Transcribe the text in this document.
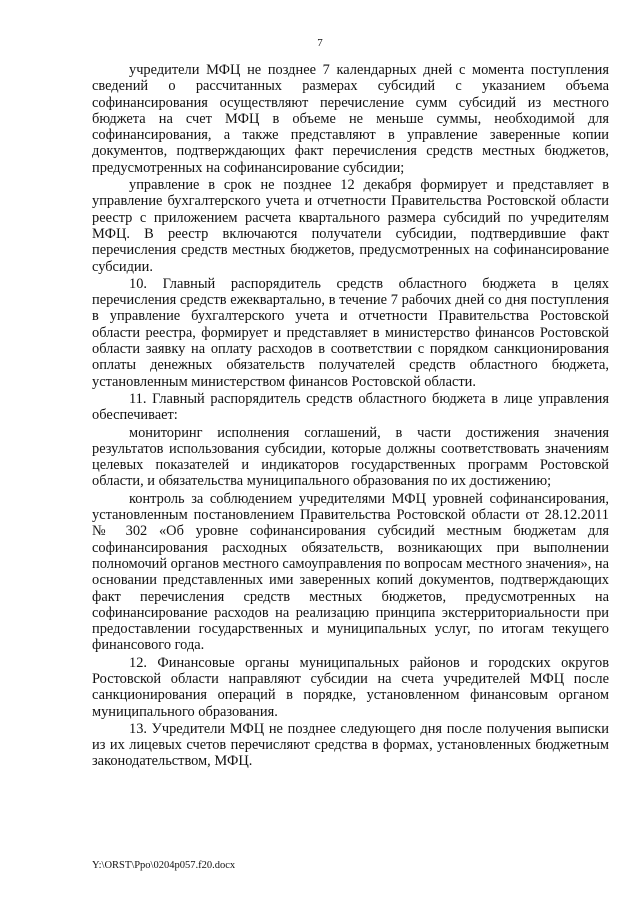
7

учредители МФЦ не позднее 7 календарных дней с момента поступления сведений о рассчитанных размерах субсидий с указанием объема софинансирования осуществляют перечисление сумм субсидий из местного бюджета на счет МФЦ в объеме не меньше суммы, необходимой для софинансирования, а также представляют в управление заверенные копии документов, подтверждающих факт перечисления средств местных бюджетов, предусмотренных на софинансирование субсидии;

управление в срок не позднее 12 декабря формирует и представляет в управление бухгалтерского учета и отчетности Правительства Ростовской области реестр с приложением расчета квартального размера субсидий по учредителям МФЦ. В реестр включаются получатели субсидии, подтвердившие факт перечисления средств местных бюджетов, предусмотренных на софинансирование субсидии.

10. Главный распорядитель средств областного бюджета в целях перечисления средств ежеквартально, в течение 7 рабочих дней со дня поступления в управление бухгалтерского учета и отчетности Правительства Ростовской области реестра, формирует и представляет в министерство финансов Ростовской области заявку на оплату расходов в соответствии с порядком санкционирования оплаты денежных обязательств получателей средств областного бюджета, установленным министерством финансов Ростовской области.

11. Главный распорядитель средств областного бюджета в лице управления обеспечивает:

мониторинг исполнения соглашений, в части достижения значения результатов использования субсидии, которые должны соответствовать значениям целевых показателей и индикаторов государственных программ Ростовской области, и обязательства муниципального образования по их достижению;

контроль за соблюдением учредителями МФЦ уровней софинансирования, установленным постановлением Правительства Ростовской области от 28.12.2011 № 302 «Об уровне софинансирования субсидий местным бюджетам для софинансирования расходных обязательств, возникающих при выполнении полномочий органов местного самоуправления по вопросам местного значения», на основании представленных ими заверенных копий документов, подтверждающих факт перечисления средств местных бюджетов, предусмотренных на софинансирование расходов на реализацию принципа экстерриториальности при предоставлении государственных и муниципальных услуг, по итогам текущего финансового года.

12. Финансовые органы муниципальных районов и городских округов Ростовской области направляют субсидии на счета учредителей МФЦ после санкционирования операций в порядке, установленном финансовым органом муниципального образования.

13. Учредители МФЦ не позднее следующего дня после получения выписки из их лицевых счетов перечисляют средства в формах, установленных бюджетным законодательством, МФЦ.

Y:\ORST\Ppo\0204p057.f20.docx
